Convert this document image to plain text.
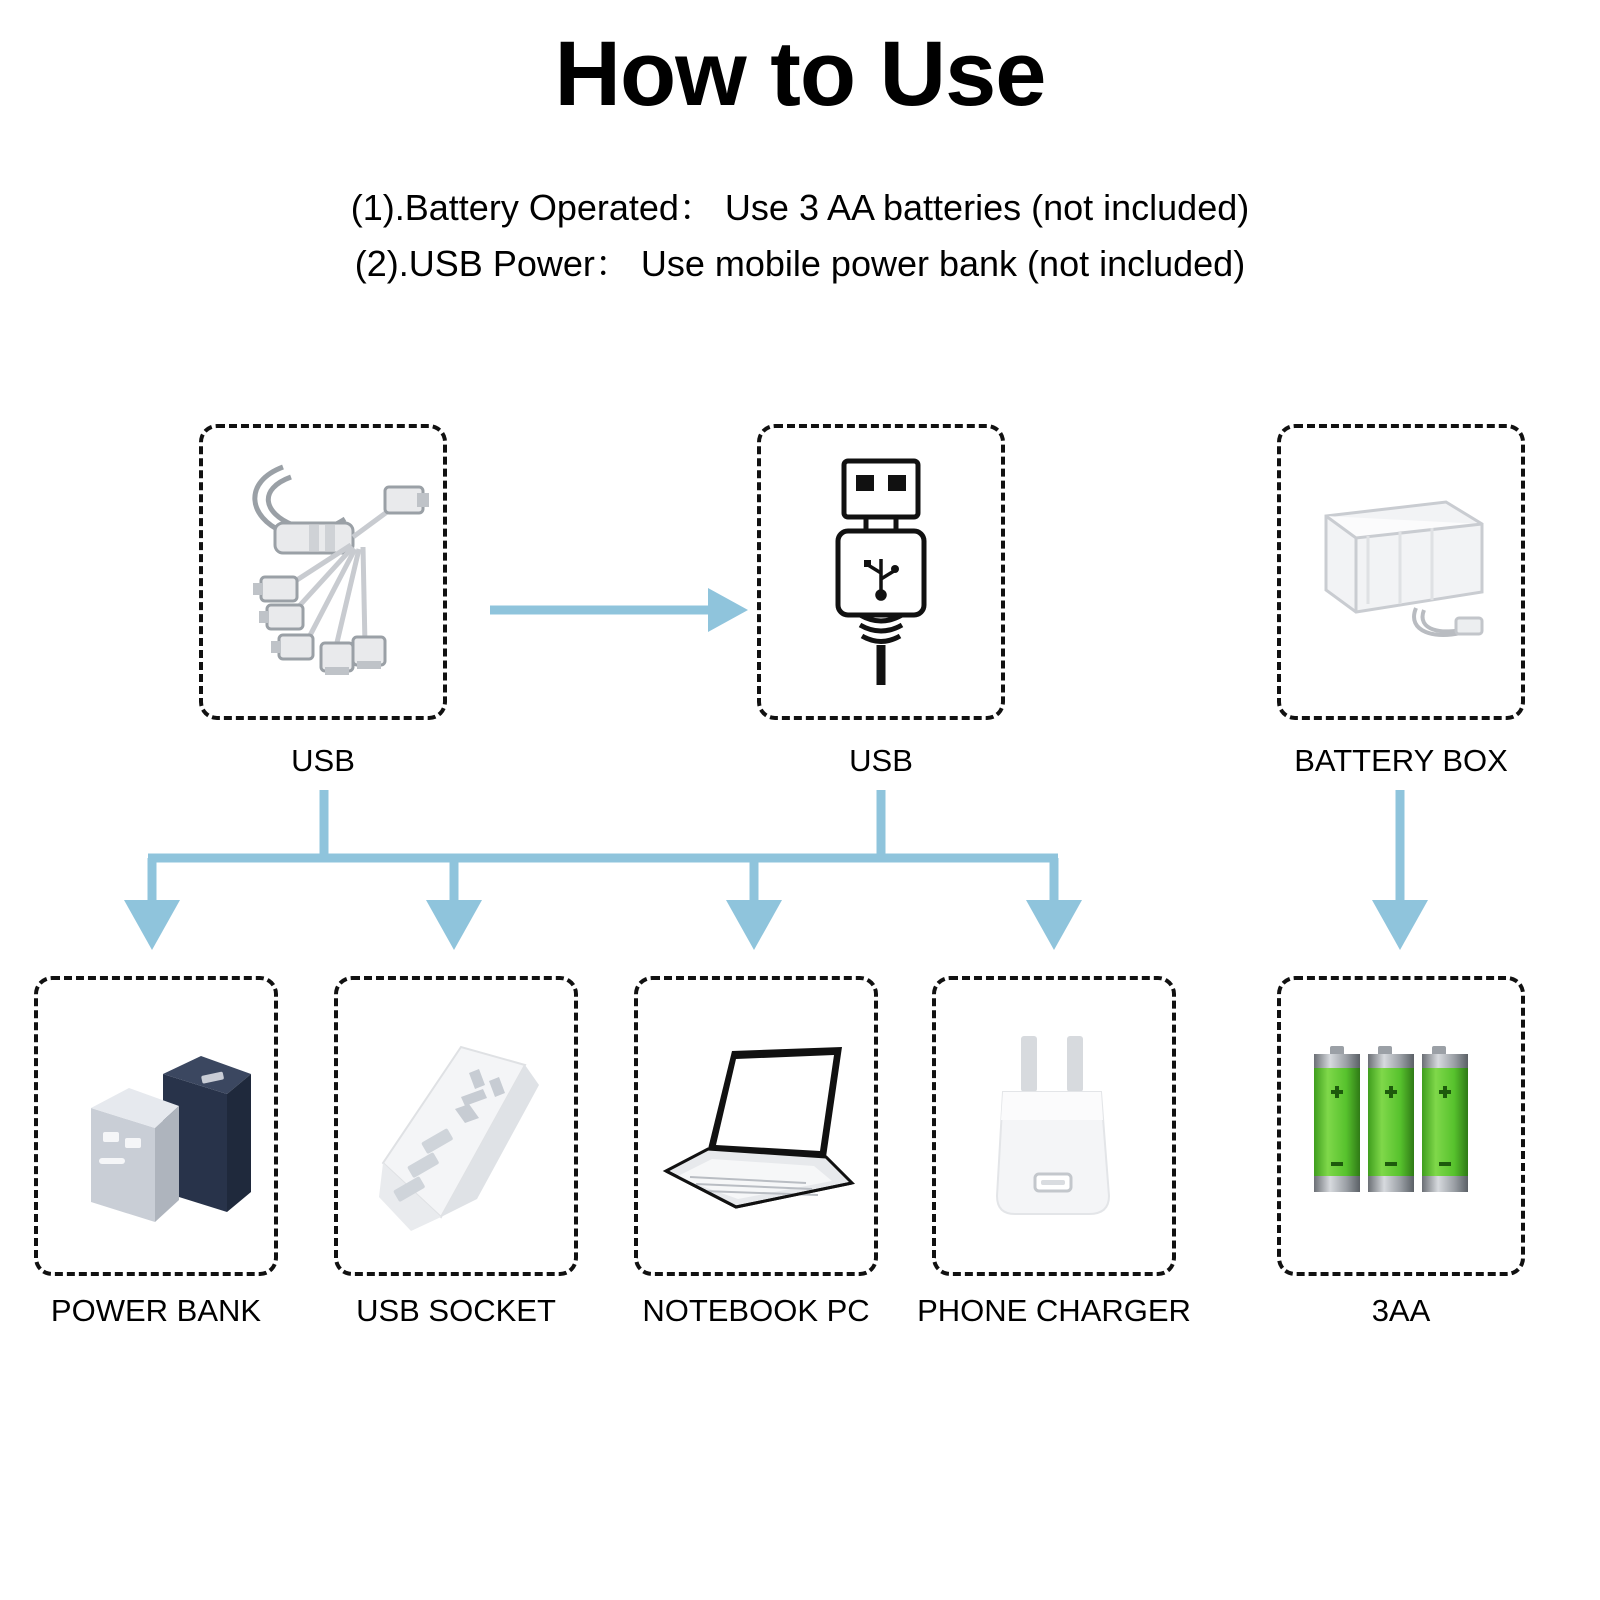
How to Use
(1).Battery Operated： Use 3 AA batteries (not included)
(2).USB Power： Use mobile power bank (not included)
USB	USB	BATTERY BOX
POWER BANK	USB SOCKET	NOTEBOOK PC	PHONE CHARGER	3AA
